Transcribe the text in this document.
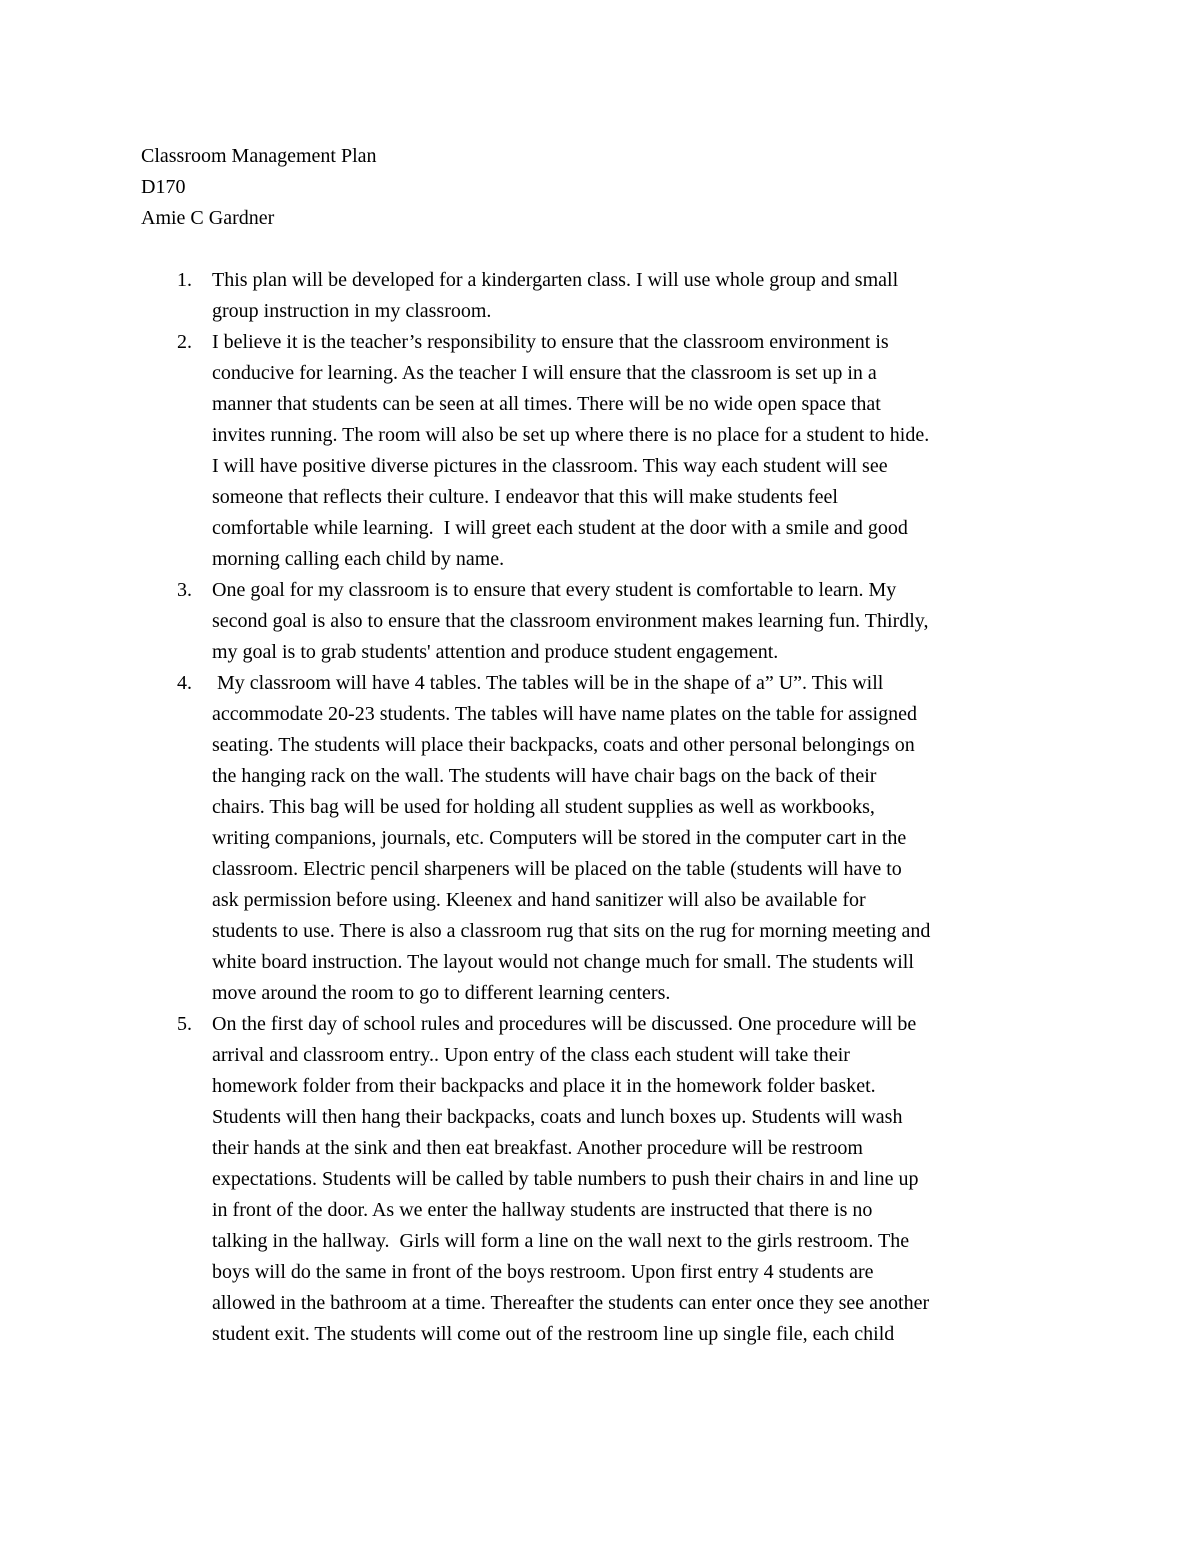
Classroom Management Plan
D170
Amie C Gardner
1. This plan will be developed for a kindergarten class. I will use whole group and small
group instruction in my classroom.
2. I believe it is the teacher’s responsibility to ensure that the classroom environment is
conducive for learning. As the teacher I will ensure that the classroom is set up in a
manner that students can be seen at all times. There will be no wide open space that
invites running. The room will also be set up where there is no place for a student to hide.
I will have positive diverse pictures in the classroom. This way each student will see
someone that reflects their culture. I endeavor that this will make students feel
comfortable while learning.  I will greet each student at the door with a smile and good
morning calling each child by name.
3. One goal for my classroom is to ensure that every student is comfortable to learn. My
second goal is also to ensure that the classroom environment makes learning fun. Thirdly,
my goal is to grab students' attention and produce student engagement.
4. My classroom will have 4 tables. The tables will be in the shape of a” U”. This will
accommodate 20-23 students. The tables will have name plates on the table for assigned
seating. The students will place their backpacks, coats and other personal belongings on
the hanging rack on the wall. The students will have chair bags on the back of their
chairs. This bag will be used for holding all student supplies as well as workbooks,
writing companions, journals, etc. Computers will be stored in the computer cart in the
classroom. Electric pencil sharpeners will be placed on the table (students will have to
ask permission before using. Kleenex and hand sanitizer will also be available for
students to use. There is also a classroom rug that sits on the rug for morning meeting and
white board instruction. The layout would not change much for small. The students will
move around the room to go to different learning centers.
5. On the first day of school rules and procedures will be discussed. One procedure will be
arrival and classroom entry.. Upon entry of the class each student will take their
homework folder from their backpacks and place it in the homework folder basket.
Students will then hang their backpacks, coats and lunch boxes up. Students will wash
their hands at the sink and then eat breakfast. Another procedure will be restroom
expectations. Students will be called by table numbers to push their chairs in and line up
in front of the door. As we enter the hallway students are instructed that there is no
talking in the hallway.  Girls will form a line on the wall next to the girls restroom. The
boys will do the same in front of the boys restroom. Upon first entry 4 students are
allowed in the bathroom at a time. Thereafter the students can enter once they see another
student exit. The students will come out of the restroom line up single file, each child
